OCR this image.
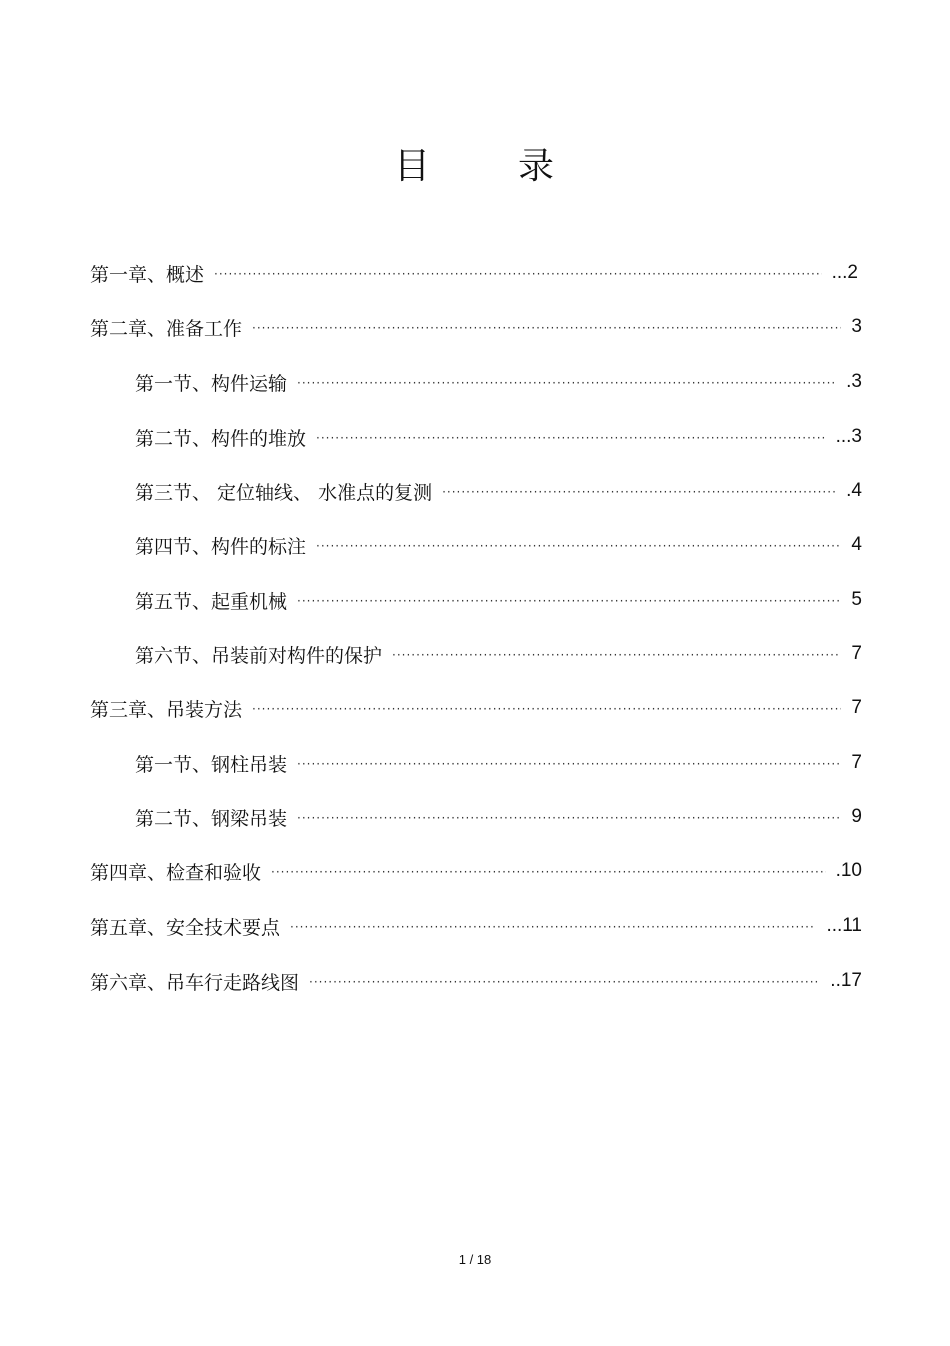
目 录
第一章、概述 ·····	...2
第二章、准备工作 ·····	3
第一节、构件运输 ·····	.3
第二节、构件的堆放 ·····	...3
第三节、 定位轴线、 水准点的复测 ·····	.4
第四节、构件的标注 ·····	4
第五节、起重机械 ·····	5
第六节、吊装前对构件的保护 ·····	7
第三章、吊装方法 ·····	7
第一节、钢柱吊装 ·····	7
第二节、钢梁吊装 ·····	9
第四章、检查和验收 ·····	.10
第五章、安全技术要点 ·····	...11
第六章、吊车行走路线图 ·····	..17
1 / 18
